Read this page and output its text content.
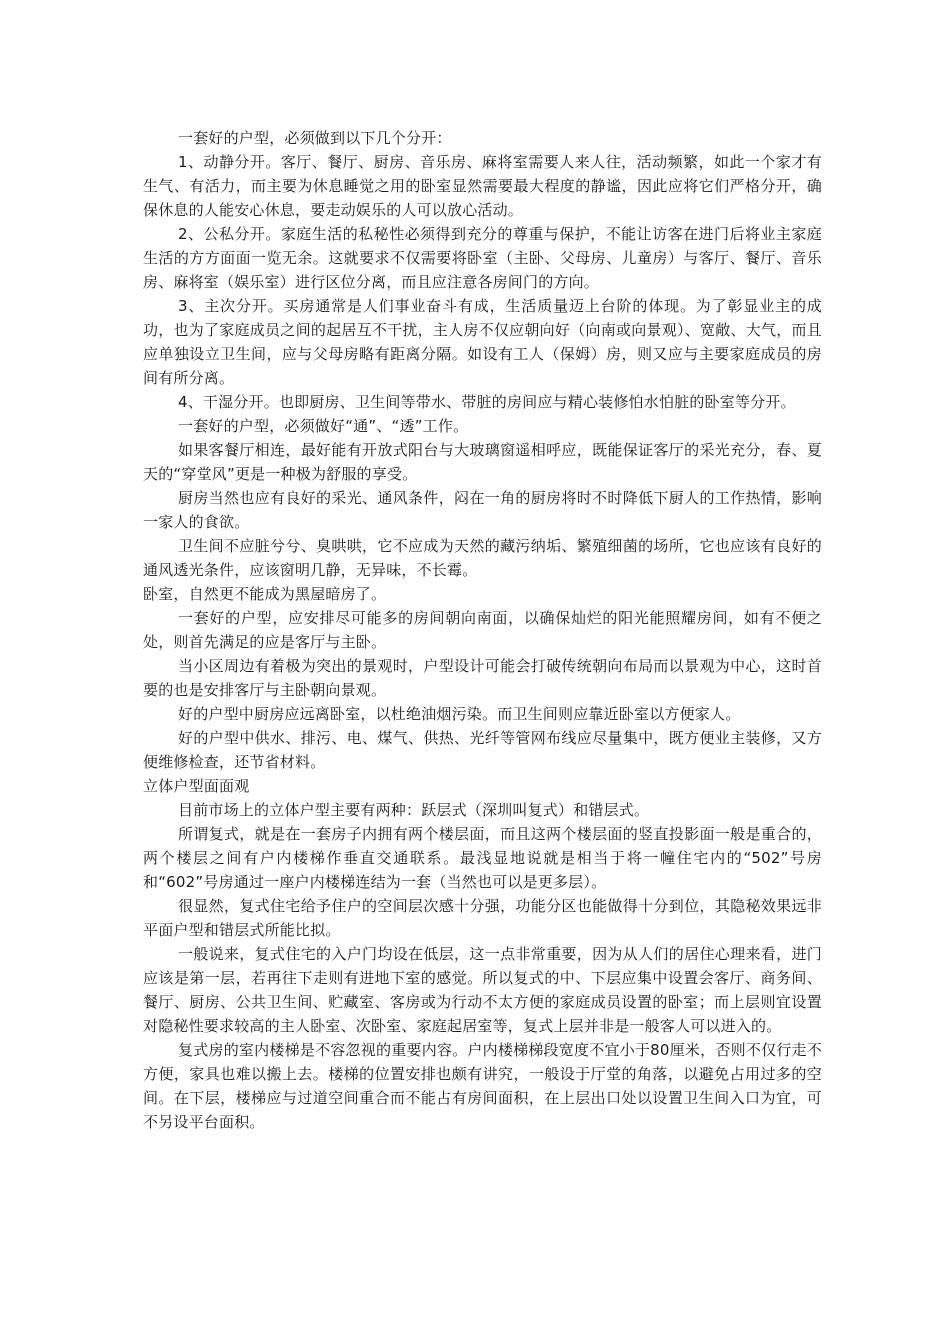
一套好的户型，必须做到以下几个分开：

1、动静分开。客厅、餐厅、厨房、音乐房、麻将室需要人来人往，活动频繁，如此一个家才有生气、有活力，而主要为休息睡觉之用的卧室显然需要最大程度的静谧，因此应将它们严格分开，确保休息的人能安心休息，要走动娱乐的人可以放心活动。

2、公私分开。家庭生活的私秘性必须得到充分的尊重与保护，不能让访客在进门后将业主家庭生活的方方面面一览无余。这就要求不仅需要将卧室（主卧、父母房、儿童房）与客厅、餐厅、音乐房、麻将室（娱乐室）进行区位分离，而且应注意各房间门的方向。

3、主次分开。买房通常是人们事业奋斗有成，生活质量迈上台阶的体现。为了彰显业主的成功，也为了家庭成员之间的起居互不干扰，主人房不仅应朝向好（向南或向景观）、宽敞、大气，而且应单独设立卫生间，应与父母房略有距离分隔。如设有工人（保姆）房，则又应与主要家庭成员的房间有所分离。

4、干湿分开。也即厨房、卫生间等带水、带脏的房间应与精心装修怕水怕脏的卧室等分开。

一套好的户型，必须做好“通”、“透”工作。

如果客餐厅相连，最好能有开放式阳台与大玻璃窗遥相呼应，既能保证客厅的采光充分，春、夏天的“穿堂风”更是一种极为舒服的享受。

厨房当然也应有良好的采光、通风条件，闷在一角的厨房将时不时降低下厨人的工作热情，影响一家人的食欲。

卫生间不应脏兮兮、臭哄哄，它不应成为天然的藏污纳垢、繁殖细菌的场所，它也应该有良好的通风透光条件，应该窗明几静，无异味，不长霉。

卧室，自然更不能成为黑屋暗房了。

一套好的户型，应安排尽可能多的房间朝向南面，以确保灿烂的阳光能照耀房间，如有不便之处，则首先满足的应是客厅与主卧。

当小区周边有着极为突出的景观时，户型设计可能会打破传统朝向布局而以景观为中心，这时首要的也是安排客厅与主卧朝向景观。

好的户型中厨房应远离卧室，以杜绝油烟污染。而卫生间则应靠近卧室以方便家人。

好的户型中供水、排污、电、煤气、供热、光纤等管网布线应尽量集中，既方便业主装修，又方便维修检查，还节省材料。

立体户型面面观

目前市场上的立体户型主要有两种：跃层式（深圳叫复式）和错层式。

所谓复式，就是在一套房子内拥有两个楼层面，而且这两个楼层面的竖直投影面一般是重合的，两个楼层之间有户内楼梯作垂直交通联系。最浅显地说就是相当于将一幢住宅内的“502”号房和“602”号房通过一座户内楼梯连结为一套（当然也可以是更多层）。

很显然，复式住宅给予住户的空间层次感十分强，功能分区也能做得十分到位，其隐秘效果远非平面户型和错层式所能比拟。

一般说来，复式住宅的入户门均设在低层，这一点非常重要，因为从人们的居住心理来看，进门应该是第一层，若再往下走则有进地下室的感觉。所以复式的中、下层应集中设置会客厅、商务间、餐厅、厨房、公共卫生间、贮藏室、客房或为行动不太方便的家庭成员设置的卧室；而上层则宜设置对隐秘性要求较高的主人卧室、次卧室、家庭起居室等，复式上层并非是一般客人可以进入的。

复式房的室内楼梯是不容忽视的重要内容。户内楼梯梯段宽度不宜小于80厘米，否则不仅行走不方便，家具也难以搬上去。楼梯的位置安排也颇有讲究，一般设于厅堂的角落，以避免占用过多的空间。在下层，楼梯应与过道空间重合而不能占有房间面积，在上层出口处以设置卫生间入口为宜，可不另设平台面积。
